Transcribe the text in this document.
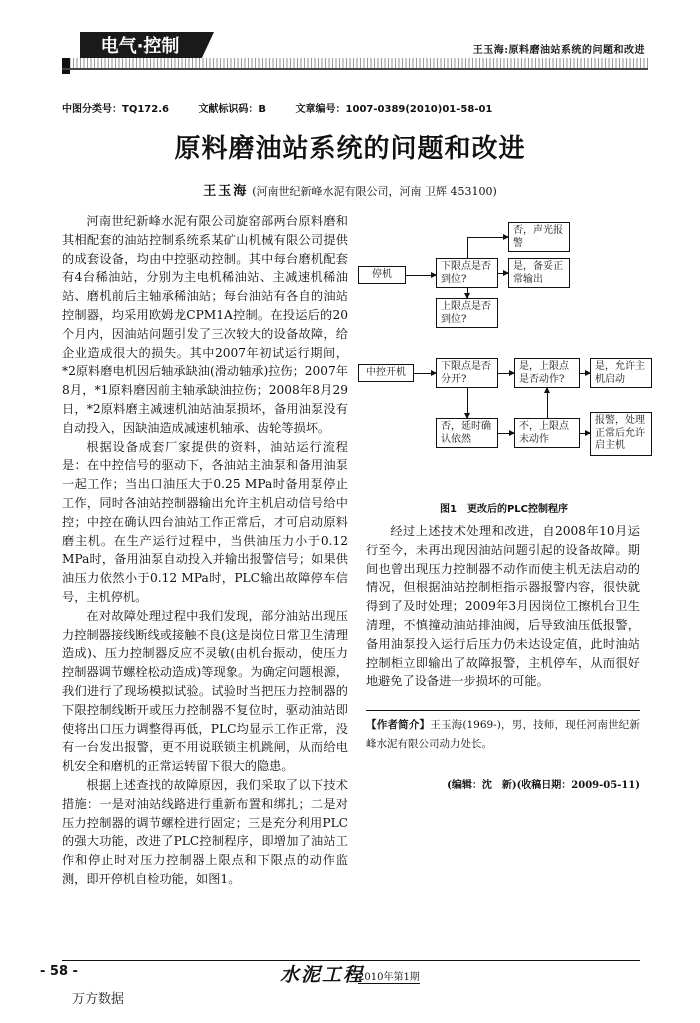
电气·控制	王玉海:原料磨油站系统的问题和改进
中图分类号：TQ172.6	文献标识码：B	文章编号：1007-0389(2010)01-58-01
原料磨油站系统的问题和改进
王玉海 (河南世纪新峰水泥有限公司，河南 卫辉 453100)

河南世纪新峰水泥有限公司旋窑部两台原料磨和其相配套的油站控制系统系某矿山机械有限公司提供的成套设备，均由中控驱动控制。其中每台磨机配套有4台稀油站，分别为主电机稀油站、主减速机稀油站、磨机前后主轴承稀油站；每台油站有各自的油站控制器，均采用欧姆龙CPM1A控制。在投运后的20个月内，因油站问题引发了三次较大的设备故障，给企业造成很大的损失。其中2007年初试运行期间，*2原料磨电机因后轴承缺油(滑动轴承)拉伤；2007年8月，*1原料磨因前主轴承缺油拉伤；2008年8月29日，*2原料磨主减速机油站油泵损坏，备用油泵没有自动投入，因缺油造成减速机轴承、齿轮等损坏。

根据设备成套厂家提供的资料，油站运行流程是：在中控信号的驱动下，各油站主油泵和备用油泵一起工作；当出口油压大于0.25 MPa时备用泵停止工作，同时各油站控制器输出允许主机启动信号给中控；中控在确认四台油站工作正常后，才可启动原料磨主机。在生产运行过程中，当供油压力小于0.12 MPa时，备用油泵自动投入并输出报警信号；如果供油压力依然小于0.12 MPa时，PLC输出故障停车信号，主机停机。

在对故障处理过程中我们发现，部分油站出现压力控制器接线断线或接触不良(这是岗位日常卫生清理造成)、压力控制器反应不灵敏(由机台振动，使压力控制器调节螺栓松动造成)等现象。为确定问题根源，我们进行了现场模拟试验。试验时当把压力控制器的下限控制线断开或压力控制器不复位时，驱动油站即使将出口压力调整得再低，PLC均显示工作正常，没有一台发出报警，更不用说联锁主机跳闸，从而给电机安全和磨机的正常运转留下很大的隐患。

根据上述查找的故障原因，我们采取了以下技术措施：一是对油站线路进行重新布置和绑扎；二是对压力控制器的调节螺栓进行固定；三是充分利用PLC的强大功能，改进了PLC控制程序，即增加了油站工作和停止时对压力控制器上限点和下限点的动作监测，即开停机自检功能，如图1。

否，声光报警
停机
下限点是否到位?
是，备妥正常输出
上限点是否到位?
中控开机
下限点是否分开?
是，上限点是否动作?
是，允许主机启动
否，延时确认依然
不，上限点未动作
报警，处理正常后允许启主机
图1　更改后的PLC控制程序

经过上述技术处理和改进，自2008年10月运行至今，未再出现因油站问题引起的设备故障。期间也曾出现压力控制器不动作而使主机无法启动的情况，但根据油站控制柜指示器报警内容，很快就得到了及时处理；2009年3月因岗位工擦机台卫生清理，不慎撞动油站排油阀，后导致油压低报警，备用油泵投入运行后压力仍未达设定值，此时油站控制柜立即输出了故障报警，主机停车，从而很好地避免了设备进一步损坏的可能。

【作者简介】王玉海(1969-)，男，技师，现任河南世纪新峰水泥有限公司动力处长。
(编辑：沈　新)(收稿日期：2009-05-11)
- 58 -	水泥工程
2010年第1期
万方数据
